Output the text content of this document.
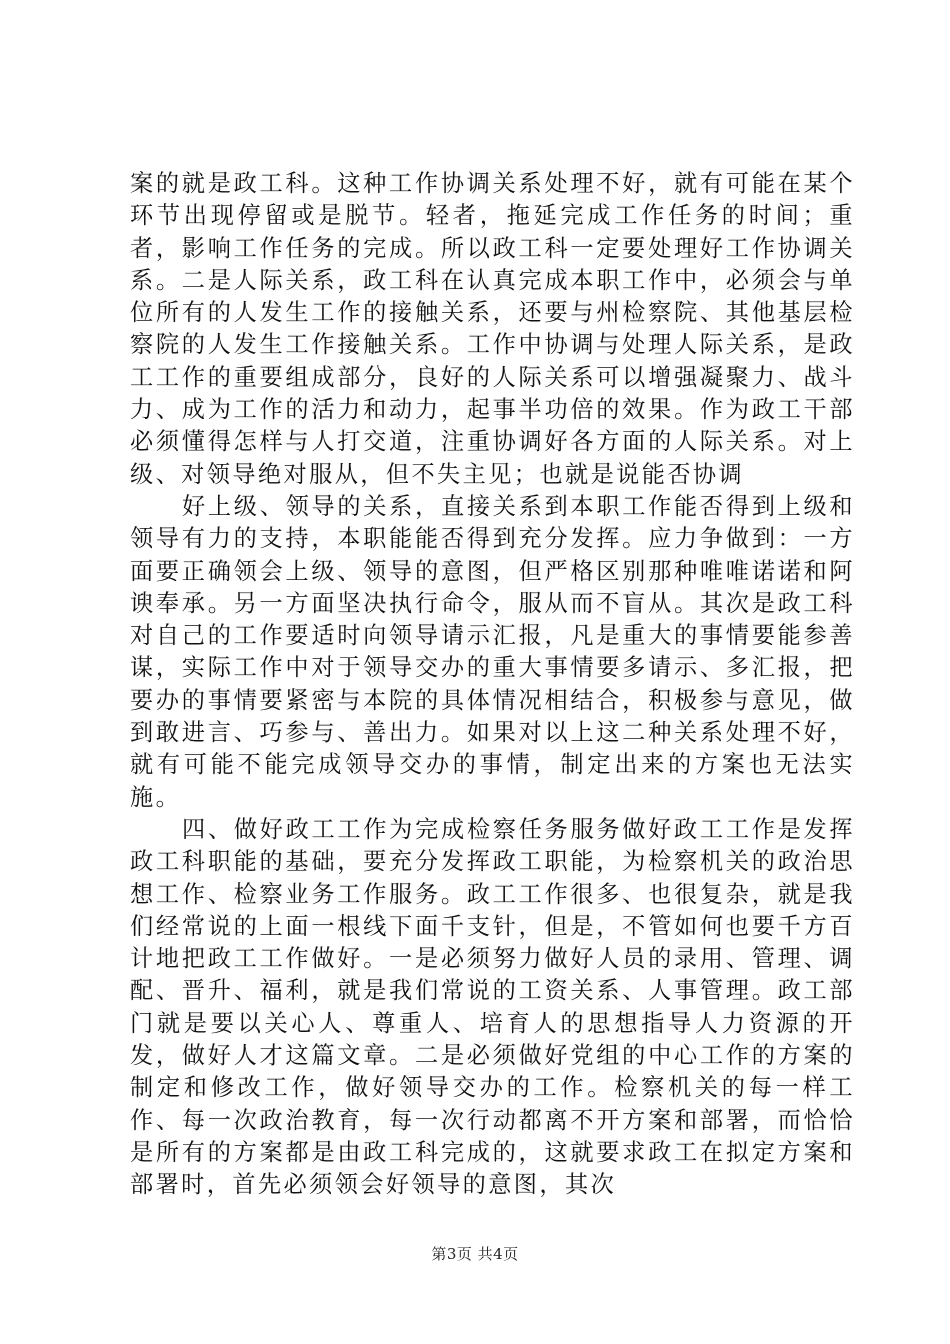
案的就是政工科。这种工作协调关系处理不好，就有可能在某个环节出现停留或是脱节。轻者，拖延完成工作任务的时间；重者，影响工作任务的完成。所以政工科一定要处理好工作协调关系。二是人际关系，政工科在认真完成本职工作中，必须会与单位所有的人发生工作的接触关系，还要与州检察院、其他基层检察院的人发生工作接触关系。工作中协调与处理人际关系，是政工工作的重要组成部分，良好的人际关系可以增强凝聚力、战斗力、成为工作的活力和动力，起事半功倍的效果。作为政工干部必须懂得怎样与人打交道，注重协调好各方面的人际关系。对上级、对领导绝对服从，但不失主见；也就是说能否协调

好上级、领导的关系，直接关系到本职工作能否得到上级和领导有力的支持，本职能能否得到充分发挥。应力争做到：一方面要正确领会上级、领导的意图，但严格区别那种唯唯诺诺和阿谀奉承。另一方面坚决执行命令，服从而不盲从。其次是政工科对自己的工作要适时向领导请示汇报，凡是重大的事情要能参善谋，实际工作中对于领导交办的重大事情要多请示、多汇报，把要办的事情要紧密与本院的具体情况相结合，积极参与意见，做到敢进言、巧参与、善出力。如果对以上这二种关系处理不好，就有可能不能完成领导交办的事情，制定出来的方案也无法实施。

四、做好政工工作为完成检察任务服务做好政工工作是发挥政工科职能的基础，要充分发挥政工职能，为检察机关的政治思想工作、检察业务工作服务。政工工作很多、也很复杂，就是我们经常说的上面一根线下面千支针，但是，不管如何也要千方百计地把政工工作做好。一是必须努力做好人员的录用、管理、调配、晋升、福利，就是我们常说的工资关系、人事管理。政工部门就是要以关心人、尊重人、培育人的思想指导人力资源的开发，做好人才这篇文章。二是必须做好党组的中心工作的方案的制定和修改工作，做好领导交办的工作。检察机关的每一样工作、每一次政治教育，每一次行动都离不开方案和部署，而恰恰是所有的方案都是由政工科完成的，这就要求政工在拟定方案和部署时，首先必须领会好领导的意图，其次

第3页 共4页
